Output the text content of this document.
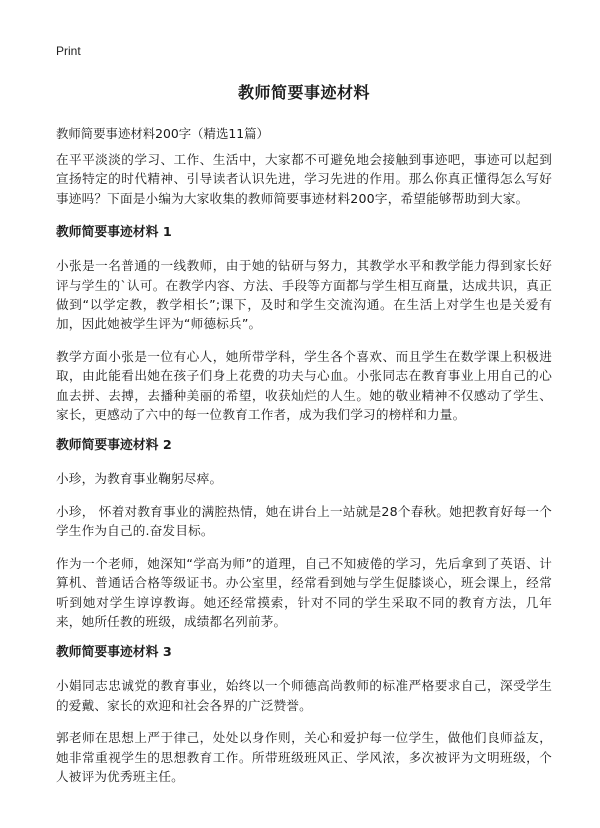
Print
教师简要事迹材料
教师简要事迹材料200字（精选11篇）

在平平淡淡的学习、工作、生活中，大家都不可避免地会接触到事迹吧，事迹可以起到宣扬特定的时代精神、引导读者认识先进，学习先进的作用。那么你真正懂得怎么写好事迹吗？下面是小编为大家收集的教师简要事迹材料200字，希望能够帮助到大家。

教师简要事迹材料 1

小张是一名普通的一线教师，由于她的钻研与努力，其教学水平和教学能力得到家长好评与学生的`认可。在教学内容、方法、手段等方面都与学生相互商量，达成共识，真正做到“以学定教，教学相长”;课下，及时和学生交流沟通。在生活上对学生也是关爱有加，因此她被学生评为“师德标兵”。

教学方面小张是一位有心人，她所带学科，学生各个喜欢、而且学生在数学课上积极进取，由此能看出她在孩子们身上花费的功夫与心血。小张同志在教育事业上用自己的心血去拼、去搏，去播种美丽的希望，收获灿烂的人生。她的敬业精神不仅感动了学生、家长，更感动了六中的每一位教育工作者，成为我们学习的榜样和力量。

教师简要事迹材料 2

小珍，为教育事业鞠躬尽瘁。

小珍， 怀着对教育事业的满腔热情，她在讲台上一站就是28个春秋。她把教育好每一个学生作为自己的.奋发目标。

作为一个老师，她深知“学高为师”的道理，自己不知疲倦的学习，先后拿到了英语、计算机、普通话合格等级证书。办公室里，经常看到她与学生促膝谈心，班会课上，经常听到她对学生谆谆教诲。她还经常摸索，针对不同的学生采取不同的教育方法，几年来，她所任教的班级，成绩都名列前茅。

教师简要事迹材料 3

小娟同志忠诚党的教育事业，始终以一个师德高尚教师的标准严格要求自己，深受学生的爱戴、家长的欢迎和社会各界的广泛赞誉。

郭老师在思想上严于律己，处处以身作则，关心和爱护每一位学生，做他们良师益友，她非常重视学生的思想教育工作。所带班级班风正、学风浓，多次被评为文明班级，个人被评为优秀班主任。
